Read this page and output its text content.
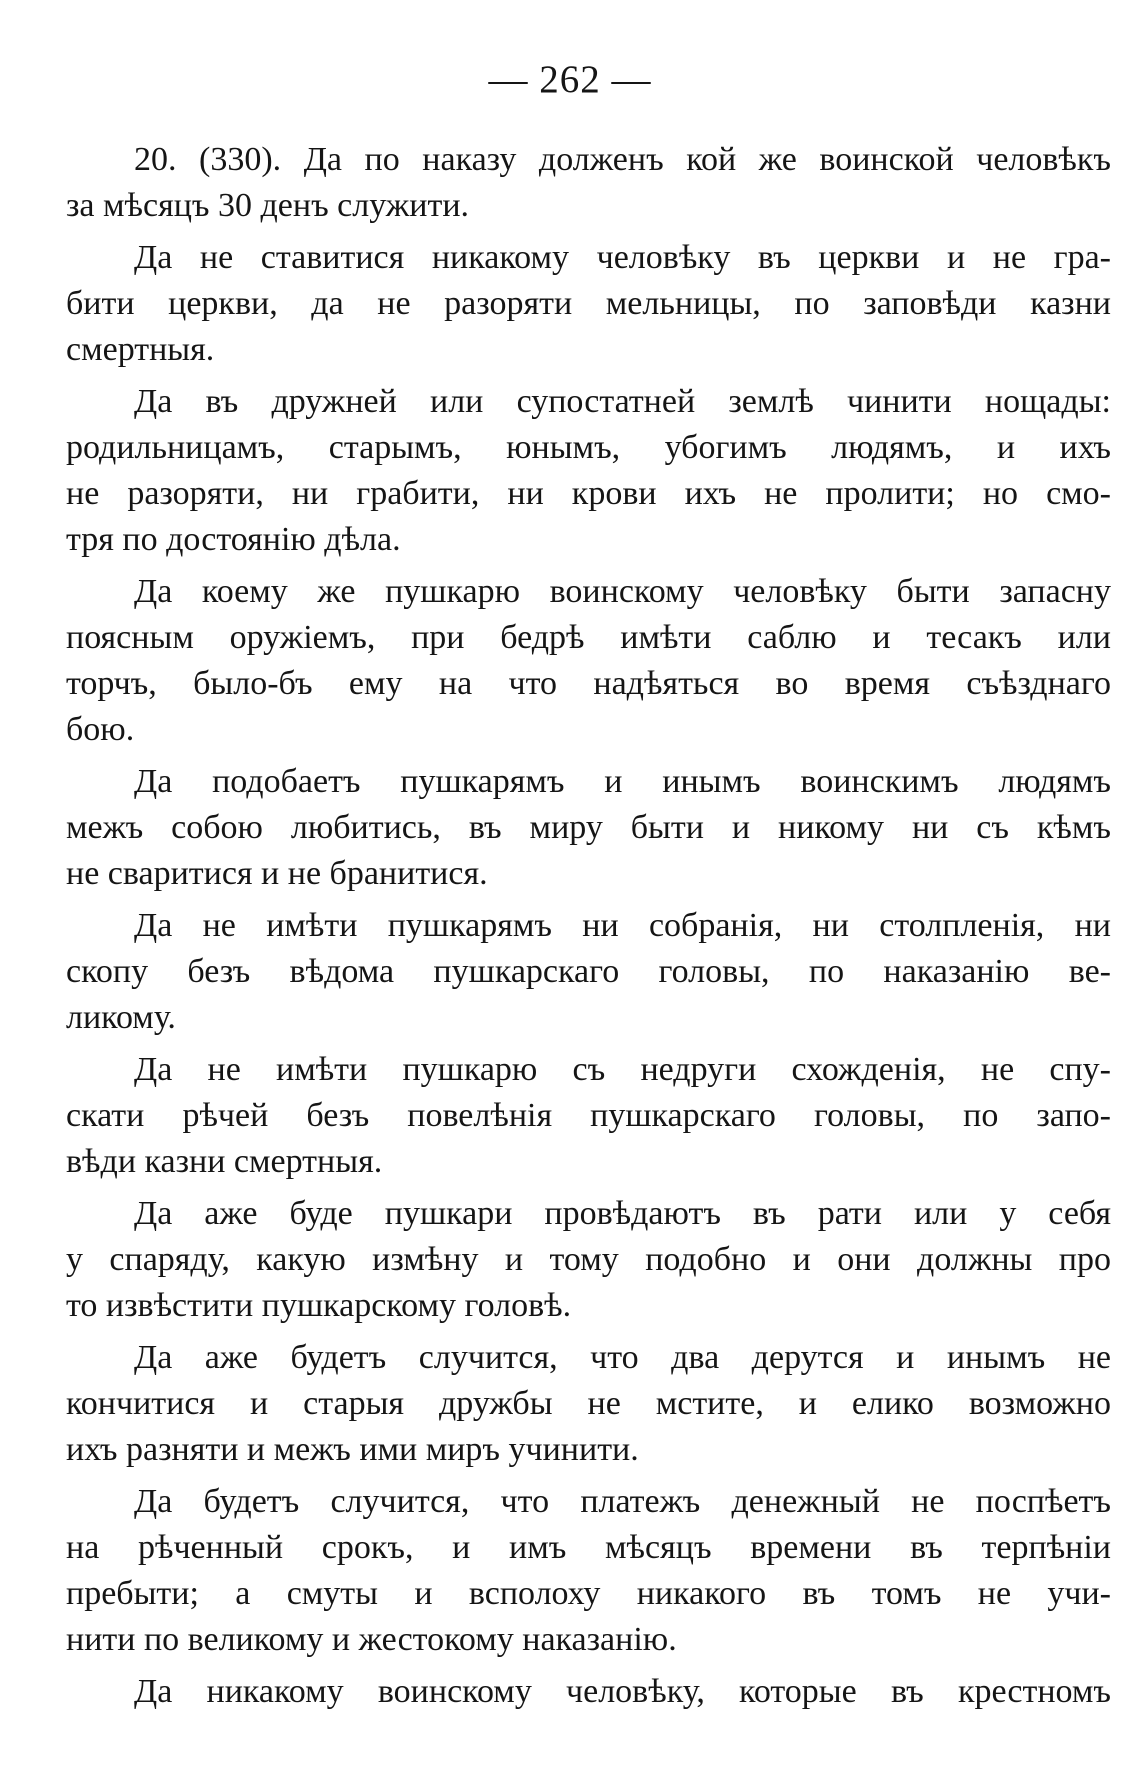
— 262 —
20. (330). Да по наказу долженъ кой же воинской человѣкъ
за мѣсяцъ 30 денъ служити.
Да не ставитися никакому человѣку въ церкви и не гра-
бити церкви, да не разоряти мельницы, по заповѣди казни
смертныя.
Да въ дружней или супостатней землѣ чинити нощады:
родильницамъ, старымъ, юнымъ, убогимъ людямъ, и ихъ
не разоряти, ни грабити, ни крови ихъ не пролити; но смо-
тря по достоянію дѣла.
Да коему же пушкарю воинскому человѣку быти запасну
поясным оружіемъ, при бедрѣ имѣти саблю и тесакъ или
торчъ, было-бъ ему на что надѣяться во время съѣзднаго
бою.
Да подобаетъ пушкарямъ и инымъ воинскимъ людямъ
межъ собою любитись, въ миру быти и никому ни съ кѣмъ
не сваритися и не бранитися.
Да не имѣти пушкарямъ ни собранія, ни столпленія, ни
скопу безъ вѣдома пушкарскаго головы, по наказанію ве-
ликому.
Да не имѣти пушкарю съ недруги схожденія, не спу-
скати рѣчей безъ повелѣнія пушкарскаго головы, по запо-
вѣди казни смертныя.
Да аже буде пушкари провѣдаютъ въ рати или у себя
у спаряду, какую измѣну и тому подобно и они должны про
то извѣстити пушкарскому головѣ.
Да аже будетъ случится, что два дерутся и инымъ не
кончитися и старыя дружбы не мстите, и елико возможно
ихъ разняти и межъ ими миръ учинити.
Да будетъ случится, что платежъ денежный не поспѣетъ
на рѣченный срокъ, и имъ мѣсяцъ времени въ терпѣніи
пребыти; а смуты и всполоху никакого въ томъ не учи-
нити по великому и жестокому наказанію.
Да никакому воинскому человѣку, которые въ крестномъ
